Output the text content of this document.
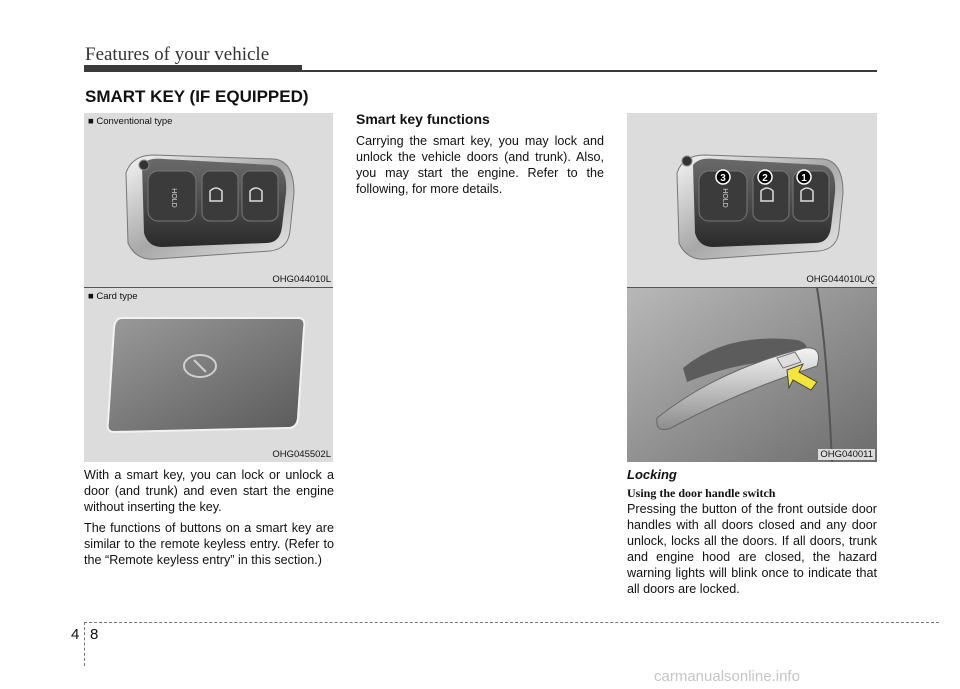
Features of your vehicle
SMART KEY (IF EQUIPPED)
■ Conventional type
HOLD
OHG044010L
■ Card type
OHG045502L

With a smart key, you can lock or unlock a door (and trunk) and even start the engine without inserting the key.

The functions of buttons on a smart key are similar to the remote keyless entry. (Refer to the “Remote keyless entry” in this section.)

Smart key functions

Carrying the smart key, you may lock and unlock the vehicle doors (and trunk). Also, you may start the engine. Refer to the following, for more details.	HOLD
3	2	1
OHG044010L/Q
OHG040011
Locking
Using the door handle switch

Pressing the button of the front outside door handles with all doors closed and any door unlock, locks all the doors. If all doors, trunk and engine hood are closed, the hazard warning lights will blink once to indicate that all doors are locked.

4 8
carmanualsonline.info
